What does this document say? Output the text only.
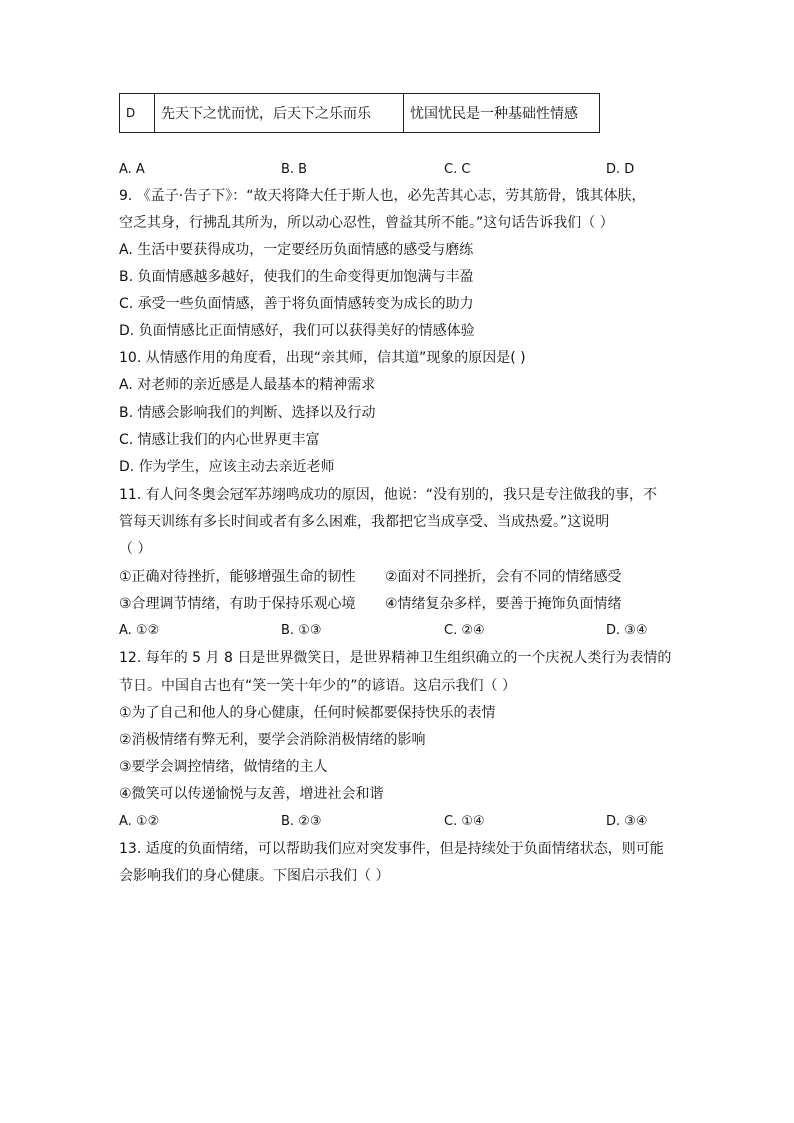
D	先天下之忧而忧，后天下之乐而乐	忧国忧民是一种基础性情感
A. A	B. B	C. C	D. D
9. 《孟子·告子下》：“故天将降大任于斯人也，必先苦其心志，劳其筋骨，饿其体肤，
空乏其身，行拂乱其所为，所以动心忍性，曾益其所不能。”这句话告诉我们（ ）
A. 生活中要获得成功，一定要经历负面情感的感受与磨练
B. 负面情感越多越好，使我们的生命变得更加饱满与丰盈
C. 承受一些负面情感，善于将负面情感转变为成长的助力
D. 负面情感比正面情感好，我们可以获得美好的情感体验
10. 从情感作用的角度看，出现“亲其师，信其道”现象的原因是( )
A. 对老师的亲近感是人最基本的精神需求
B. 情感会影响我们的判断、选择以及行动
C. 情感让我们的内心世界更丰富
D. 作为学生，应该主动去亲近老师
11. 有人问冬奥会冠军苏翊鸣成功的原因，他说：“没有别的，我只是专注做我的事，不
管每天训练有多长时间或者有多么困难，我都把它当成享受、当成热爱。”这说明
（ ）
①正确对待挫折，能够增强生命的韧性 ②面对不同挫折，会有不同的情绪感受
③合理调节情绪，有助于保持乐观心境 ④情绪复杂多样，要善于掩饰负面情绪
A. ①②	B. ①③	C. ②④	D. ③④
12. 每年的 5 月 8 日是世界微笑日，是世界精神卫生组织确立的一个庆祝人类行为表情的
节日。中国自古也有“笑一笑十年少的”的谚语。这启示我们（ ）
①为了自己和他人的身心健康，任何时候都要保持快乐的表情
②消极情绪有弊无利，要学会消除消极情绪的影响
③要学会调控情绪，做情绪的主人
④微笑可以传递愉悦与友善，增进社会和谐
A. ①②	B. ②③	C. ①④	D. ③④
13. 适度的负面情绪，可以帮助我们应对突发事件，但是持续处于负面情绪状态，则可能
会影响我们的身心健康。下图启示我们（ ）
